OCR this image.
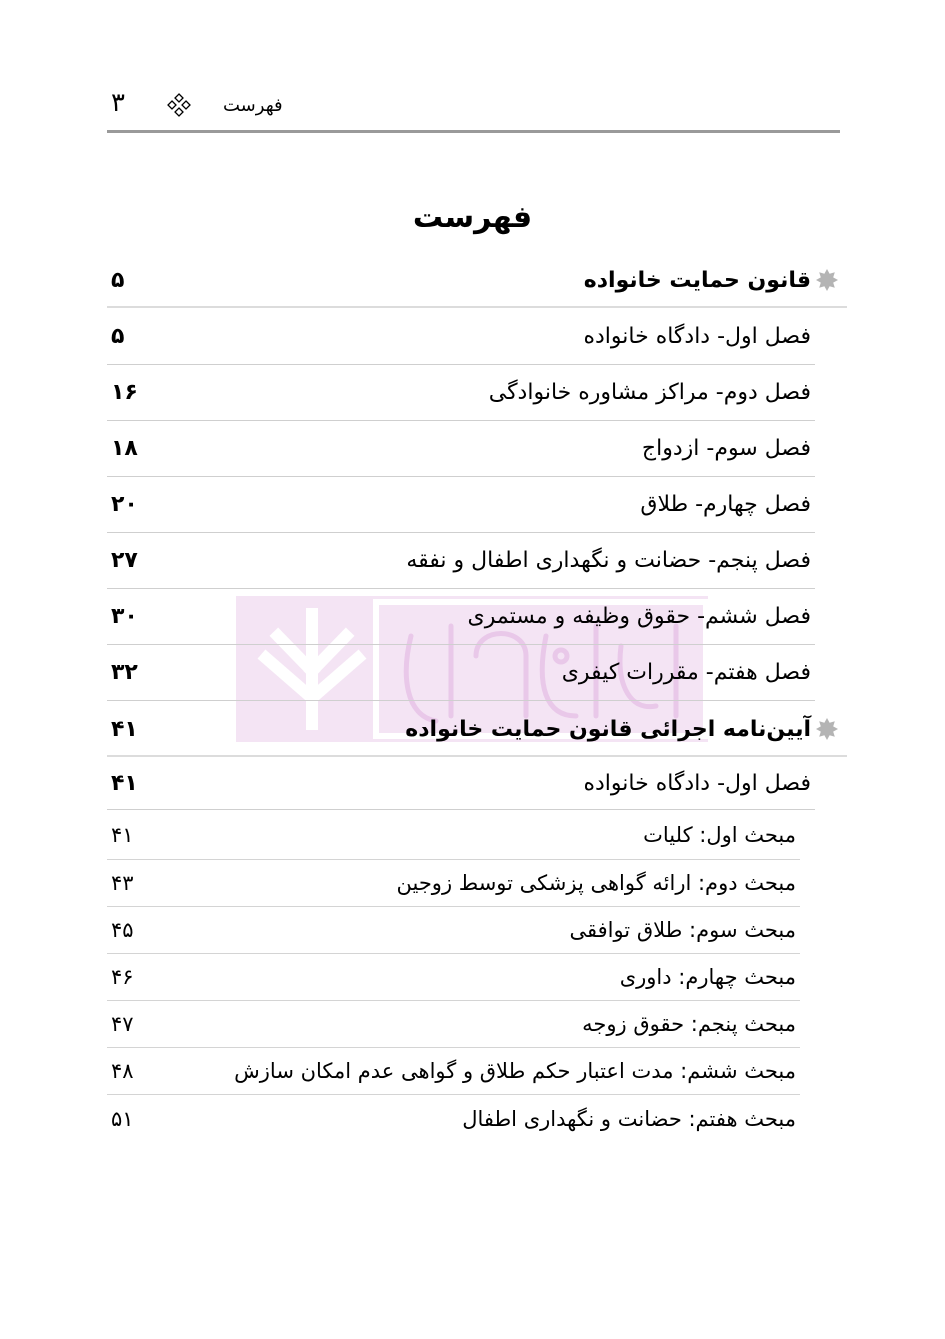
۳	فهرست
فهرست
قانون حمایت خانواده
۵
فصل اول- دادگاه خانواده
۵
فصل دوم- مراکز مشاوره خانوادگی
۱۶
فصل سوم- ازدواج
۱۸
فصل چهارم- طلاق
۲۰
فصل پنجم- حضانت و نگهداری اطفال و نفقه
۲۷
فصل ششم- حقوق وظیفه و مستمری
۳۰
فصل هفتم- مقررات کیفری
۳۲
آیین‌نامه اجرائی قانون حمایت خانواده
۴۱
فصل اول- دادگاه خانواده
۴۱
مبحث اول: کلیات
۴۱
مبحث دوم: ارائه گواهی پزشکی توسط زوجین
۴۳
مبحث سوم: طلاق توافقی
۴۵
مبحث چهارم: داوری
۴۶
مبحث پنجم: حقوق زوجه
۴۷
مبحث ششم: مدت اعتبار حکم طلاق و گواهی عدم امکان سازش
۴۸
مبحث هفتم: حضانت و نگهداری اطفال
۵۱
